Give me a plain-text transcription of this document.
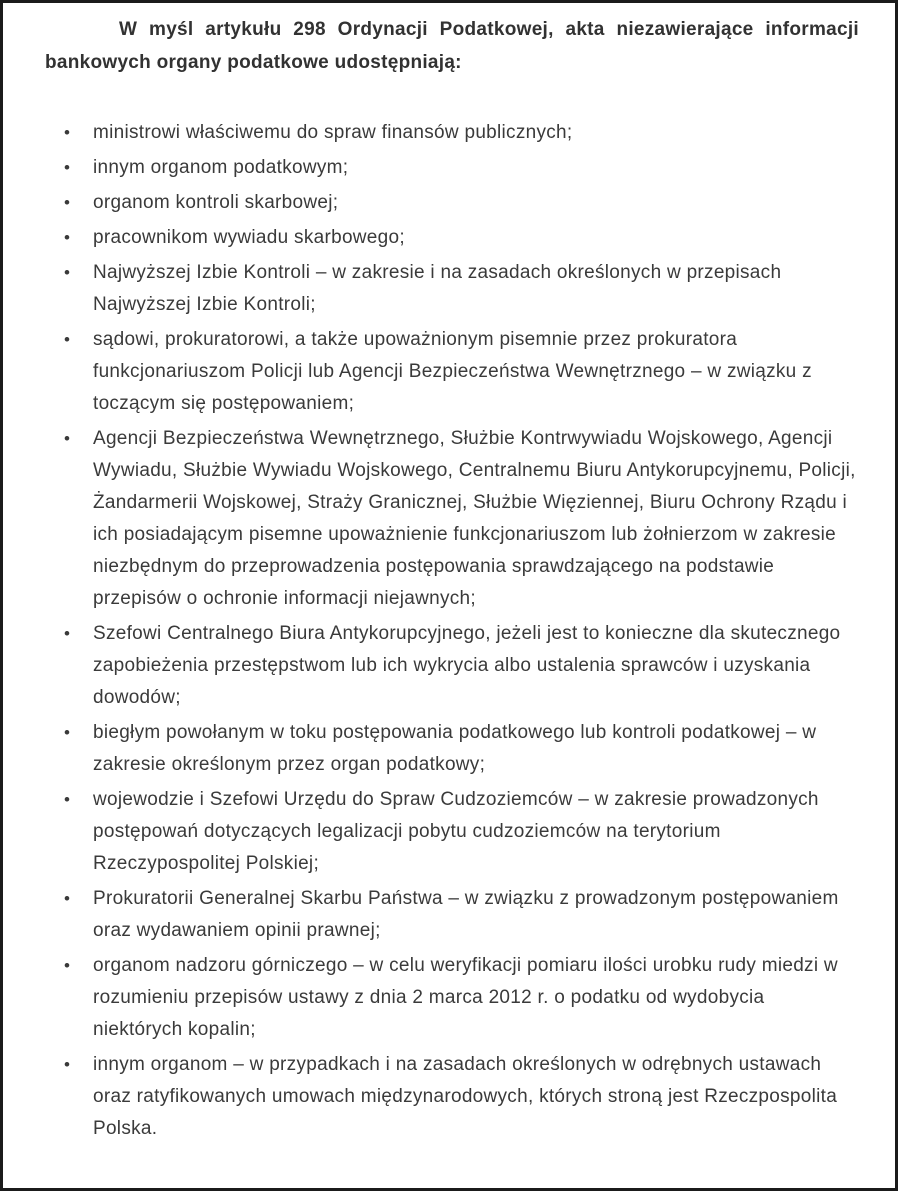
W myśl artykułu 298 Ordynacji Podatkowej, akta niezawierające informacji bankowych organy podatkowe udostępniają:

• ministrowi właściwemu do spraw finansów publicznych;
• innym organom podatkowym;
• organom kontroli skarbowej;
• pracownikom wywiadu skarbowego;
• Najwyższej Izbie Kontroli – w zakresie i na zasadach określonych w przepisach Najwyższej Izbie Kontroli;
• sądowi, prokuratorowi, a także upoważnionym pisemnie przez prokuratora funkcjonariuszom Policji lub Agencji Bezpieczeństwa Wewnętrznego – w związku z toczącym się postępowaniem;
• Agencji Bezpieczeństwa Wewnętrznego, Służbie Kontrwywiadu Wojskowego, Agencji Wywiadu, Służbie Wywiadu Wojskowego, Centralnemu Biuru Antykorupcyjnemu, Policji, Żandarmerii Wojskowej, Straży Granicznej, Służbie Więziennej, Biuru Ochrony Rządu i ich posiadającym pisemne upoważnienie funkcjonariuszom lub żołnierzom w zakresie niezbędnym do przeprowadzenia postępowania sprawdzającego na podstawie przepisów o ochronie informacji niejawnych;
• Szefowi Centralnego Biura Antykorupcyjnego, jeżeli jest to konieczne dla skutecznego zapobieżenia przestępstwom lub ich wykrycia albo ustalenia sprawców i uzyskania dowodów;
• biegłym powołanym w toku postępowania podatkowego lub kontroli podatkowej – w zakresie określonym przez organ podatkowy;
• wojewodzie i Szefowi Urzędu do Spraw Cudzoziemców – w zakresie prowadzonych postępowań dotyczących legalizacji pobytu cudzoziemców na terytorium Rzeczypospolitej Polskiej;
• Prokuratorii Generalnej Skarbu Państwa – w związku z prowadzonym postępowaniem oraz wydawaniem opinii prawnej;
• organom nadzoru górniczego – w celu weryfikacji pomiaru ilości urobku rudy miedzi w rozumieniu przepisów ustawy z dnia 2 marca 2012 r. o podatku od wydobycia niektórych kopalin;
• innym organom – w przypadkach i na zasadach określonych w odrębnych ustawach oraz ratyfikowanych umowach międzynarodowych, których stroną jest Rzeczpospolita Polska.
